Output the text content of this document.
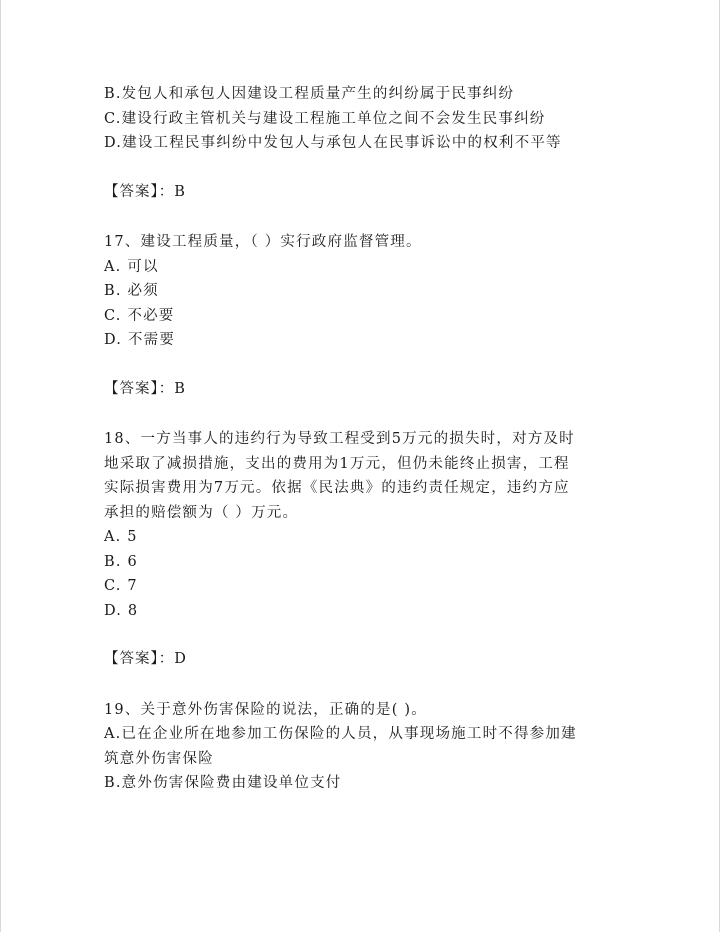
B.发包人和承包人因建设工程质量产生的纠纷属于民事纠纷
C.建设行政主管机关与建设工程施工单位之间不会发生民事纠纷
D.建设工程民事纠纷中发包人与承包人在民事诉讼中的权利不平等
【答案】：B
17、建设工程质量，（ ）实行政府监督管理。
A. 可以
B. 必须
C. 不必要
D. 不需要
【答案】：B
18、一方当事人的违约行为导致工程受到5万元的损失时，对方及时
地采取了减损措施，支出的费用为1万元，但仍未能终止损害，工程
实际损害费用为7万元。依据《民法典》的违约责任规定，违约方应
承担的赔偿额为（ ）万元。
A. 5
B. 6
C. 7
D. 8
【答案】：D
19、关于意外伤害保险的说法，正确的是( )。
A.已在企业所在地参加工伤保险的人员，从事现场施工时不得参加建
筑意外伤害保险
B.意外伤害保险费由建设单位支付
